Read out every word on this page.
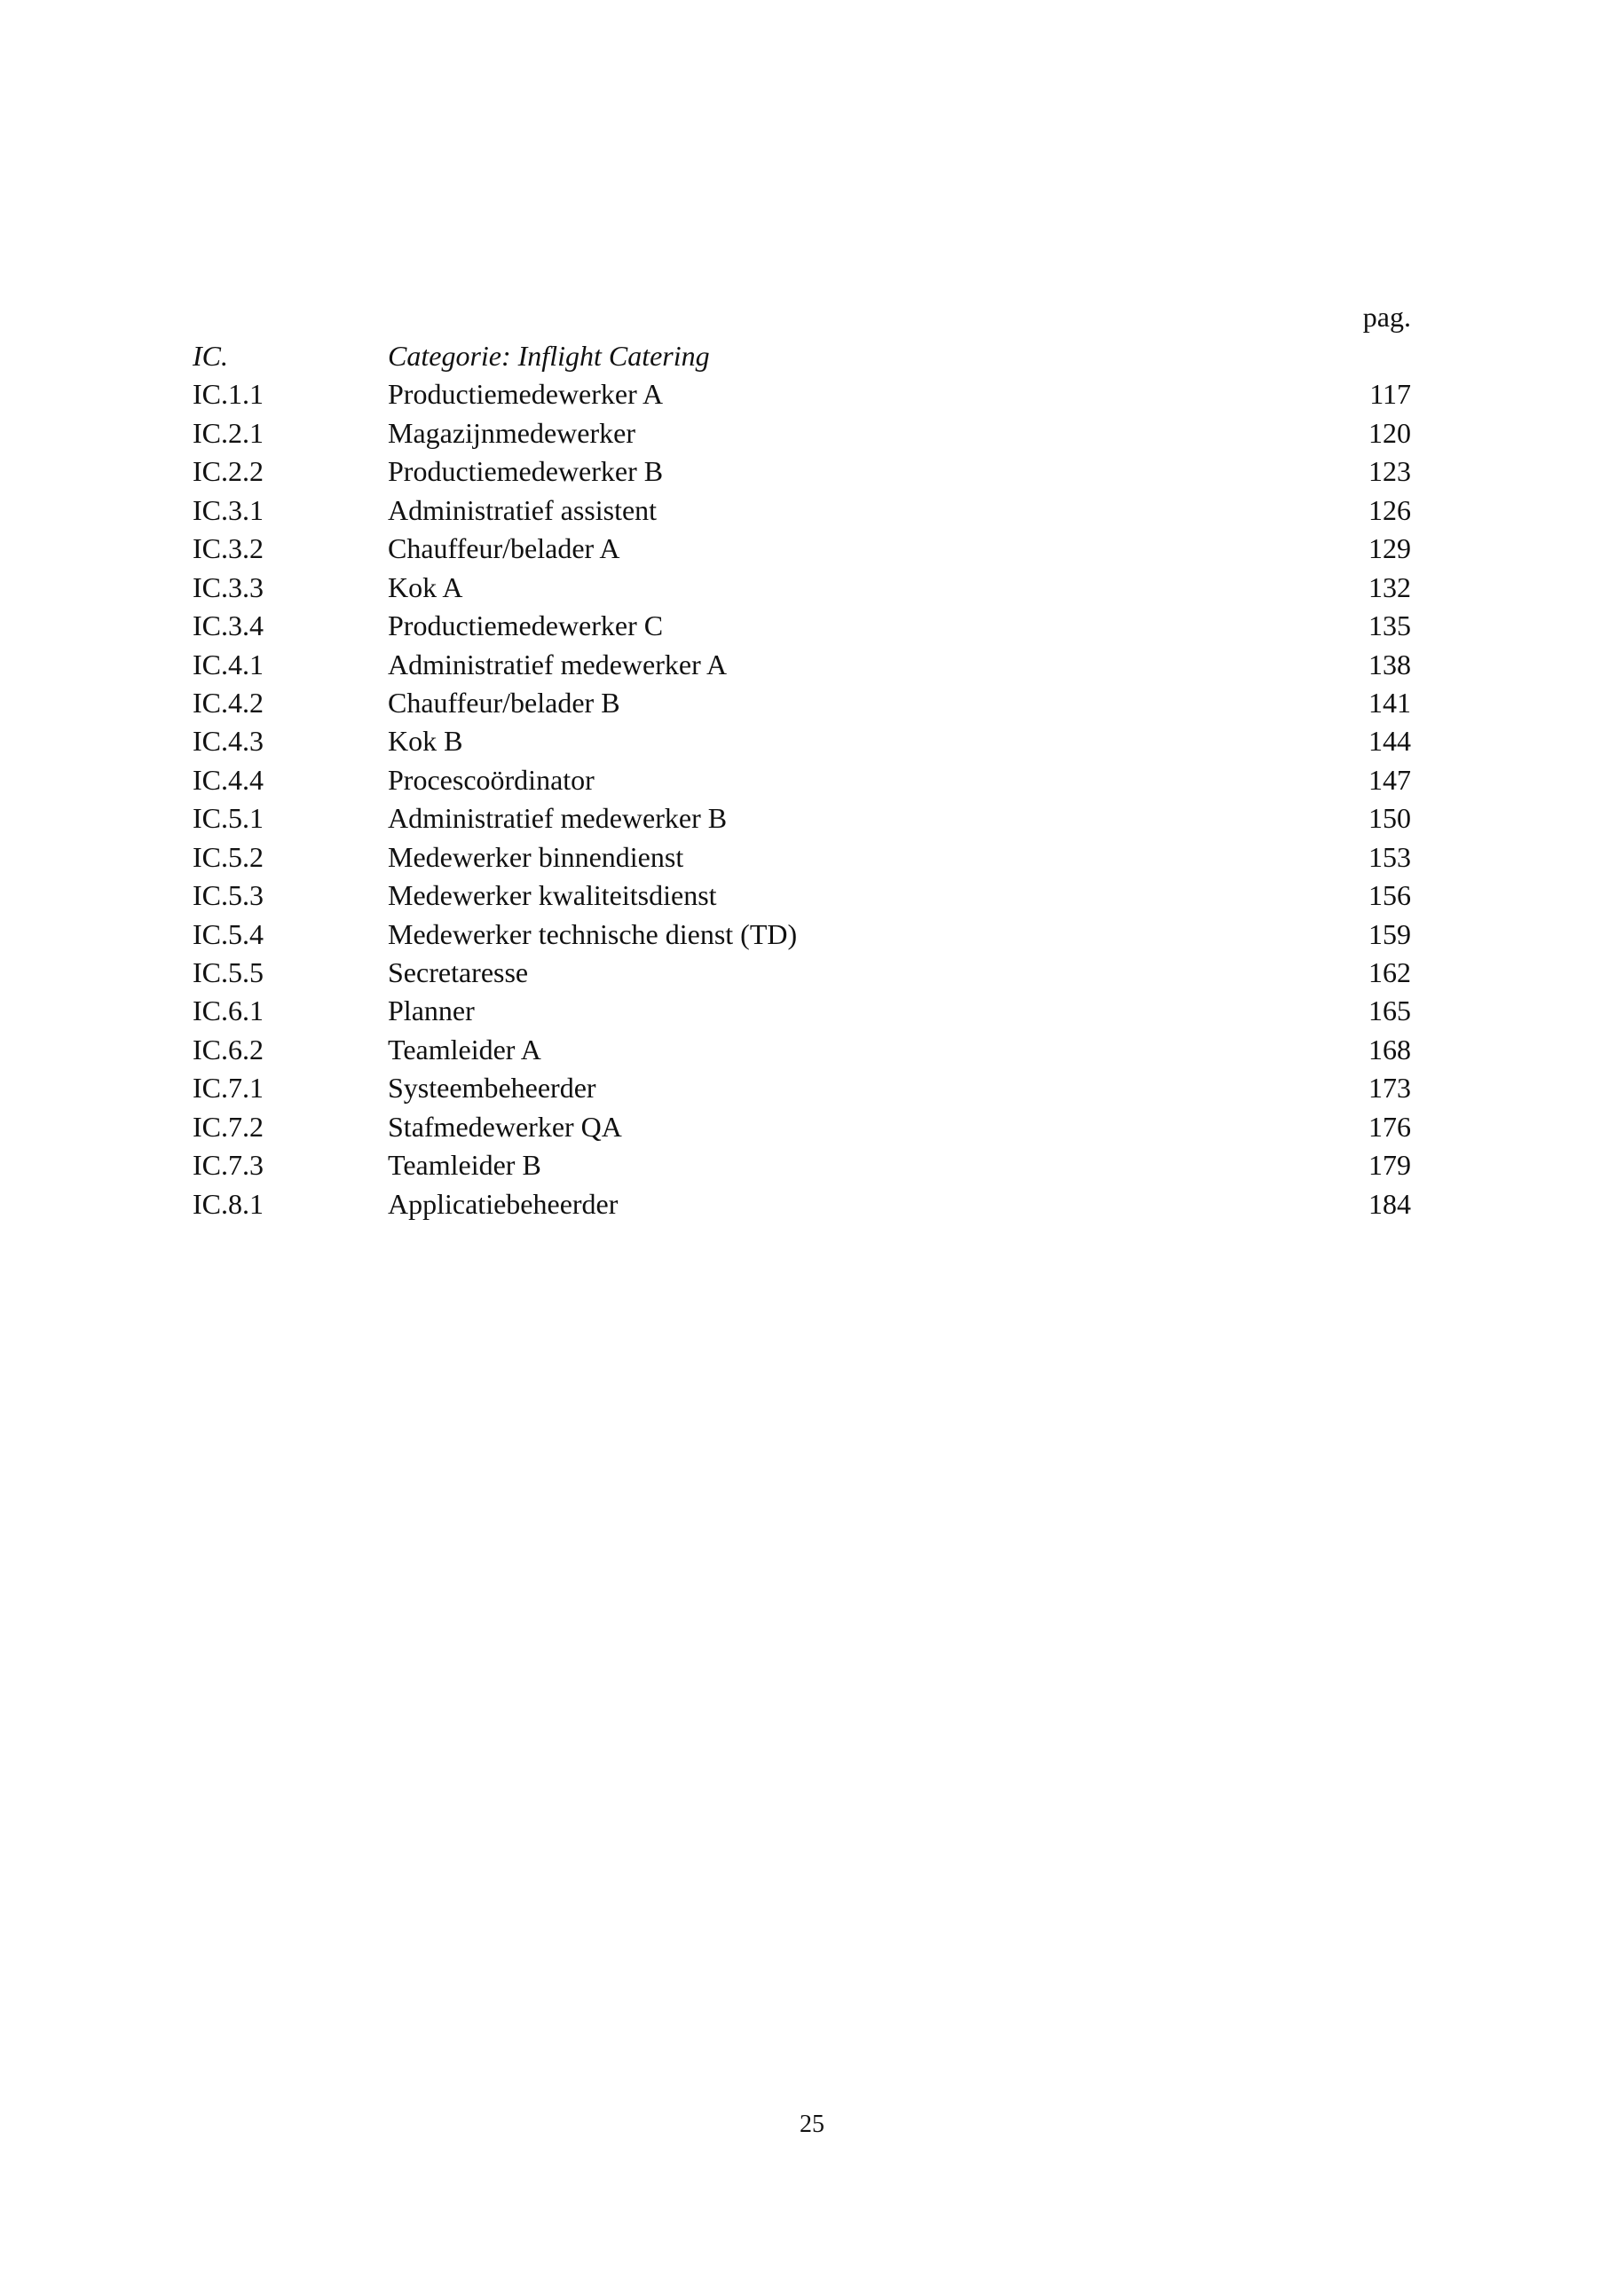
pag.
IC.	Categorie: Inflight Catering
IC.1.1	Productiemedewerker A	117
IC.2.1	Magazijnmedewerker	120
IC.2.2	Productiemedewerker B	123
IC.3.1	Administratief assistent	126
IC.3.2	Chauffeur/belader A	129
IC.3.3	Kok A	132
IC.3.4	Productiemedewerker C	135
IC.4.1	Administratief medewerker A	138
IC.4.2	Chauffeur/belader B	141
IC.4.3	Kok B	144
IC.4.4	Procescoördinator	147
IC.5.1	Administratief medewerker B	150
IC.5.2	Medewerker binnendienst	153
IC.5.3	Medewerker kwaliteitsdienst	156
IC.5.4	Medewerker technische dienst (TD)	159
IC.5.5	Secretaresse	162
IC.6.1	Planner	165
IC.6.2	Teamleider A	168
IC.7.1	Systeembeheerder	173
IC.7.2	Stafmedewerker QA	176
IC.7.3	Teamleider B	179
IC.8.1	Applicatiebeheerder	184
25
